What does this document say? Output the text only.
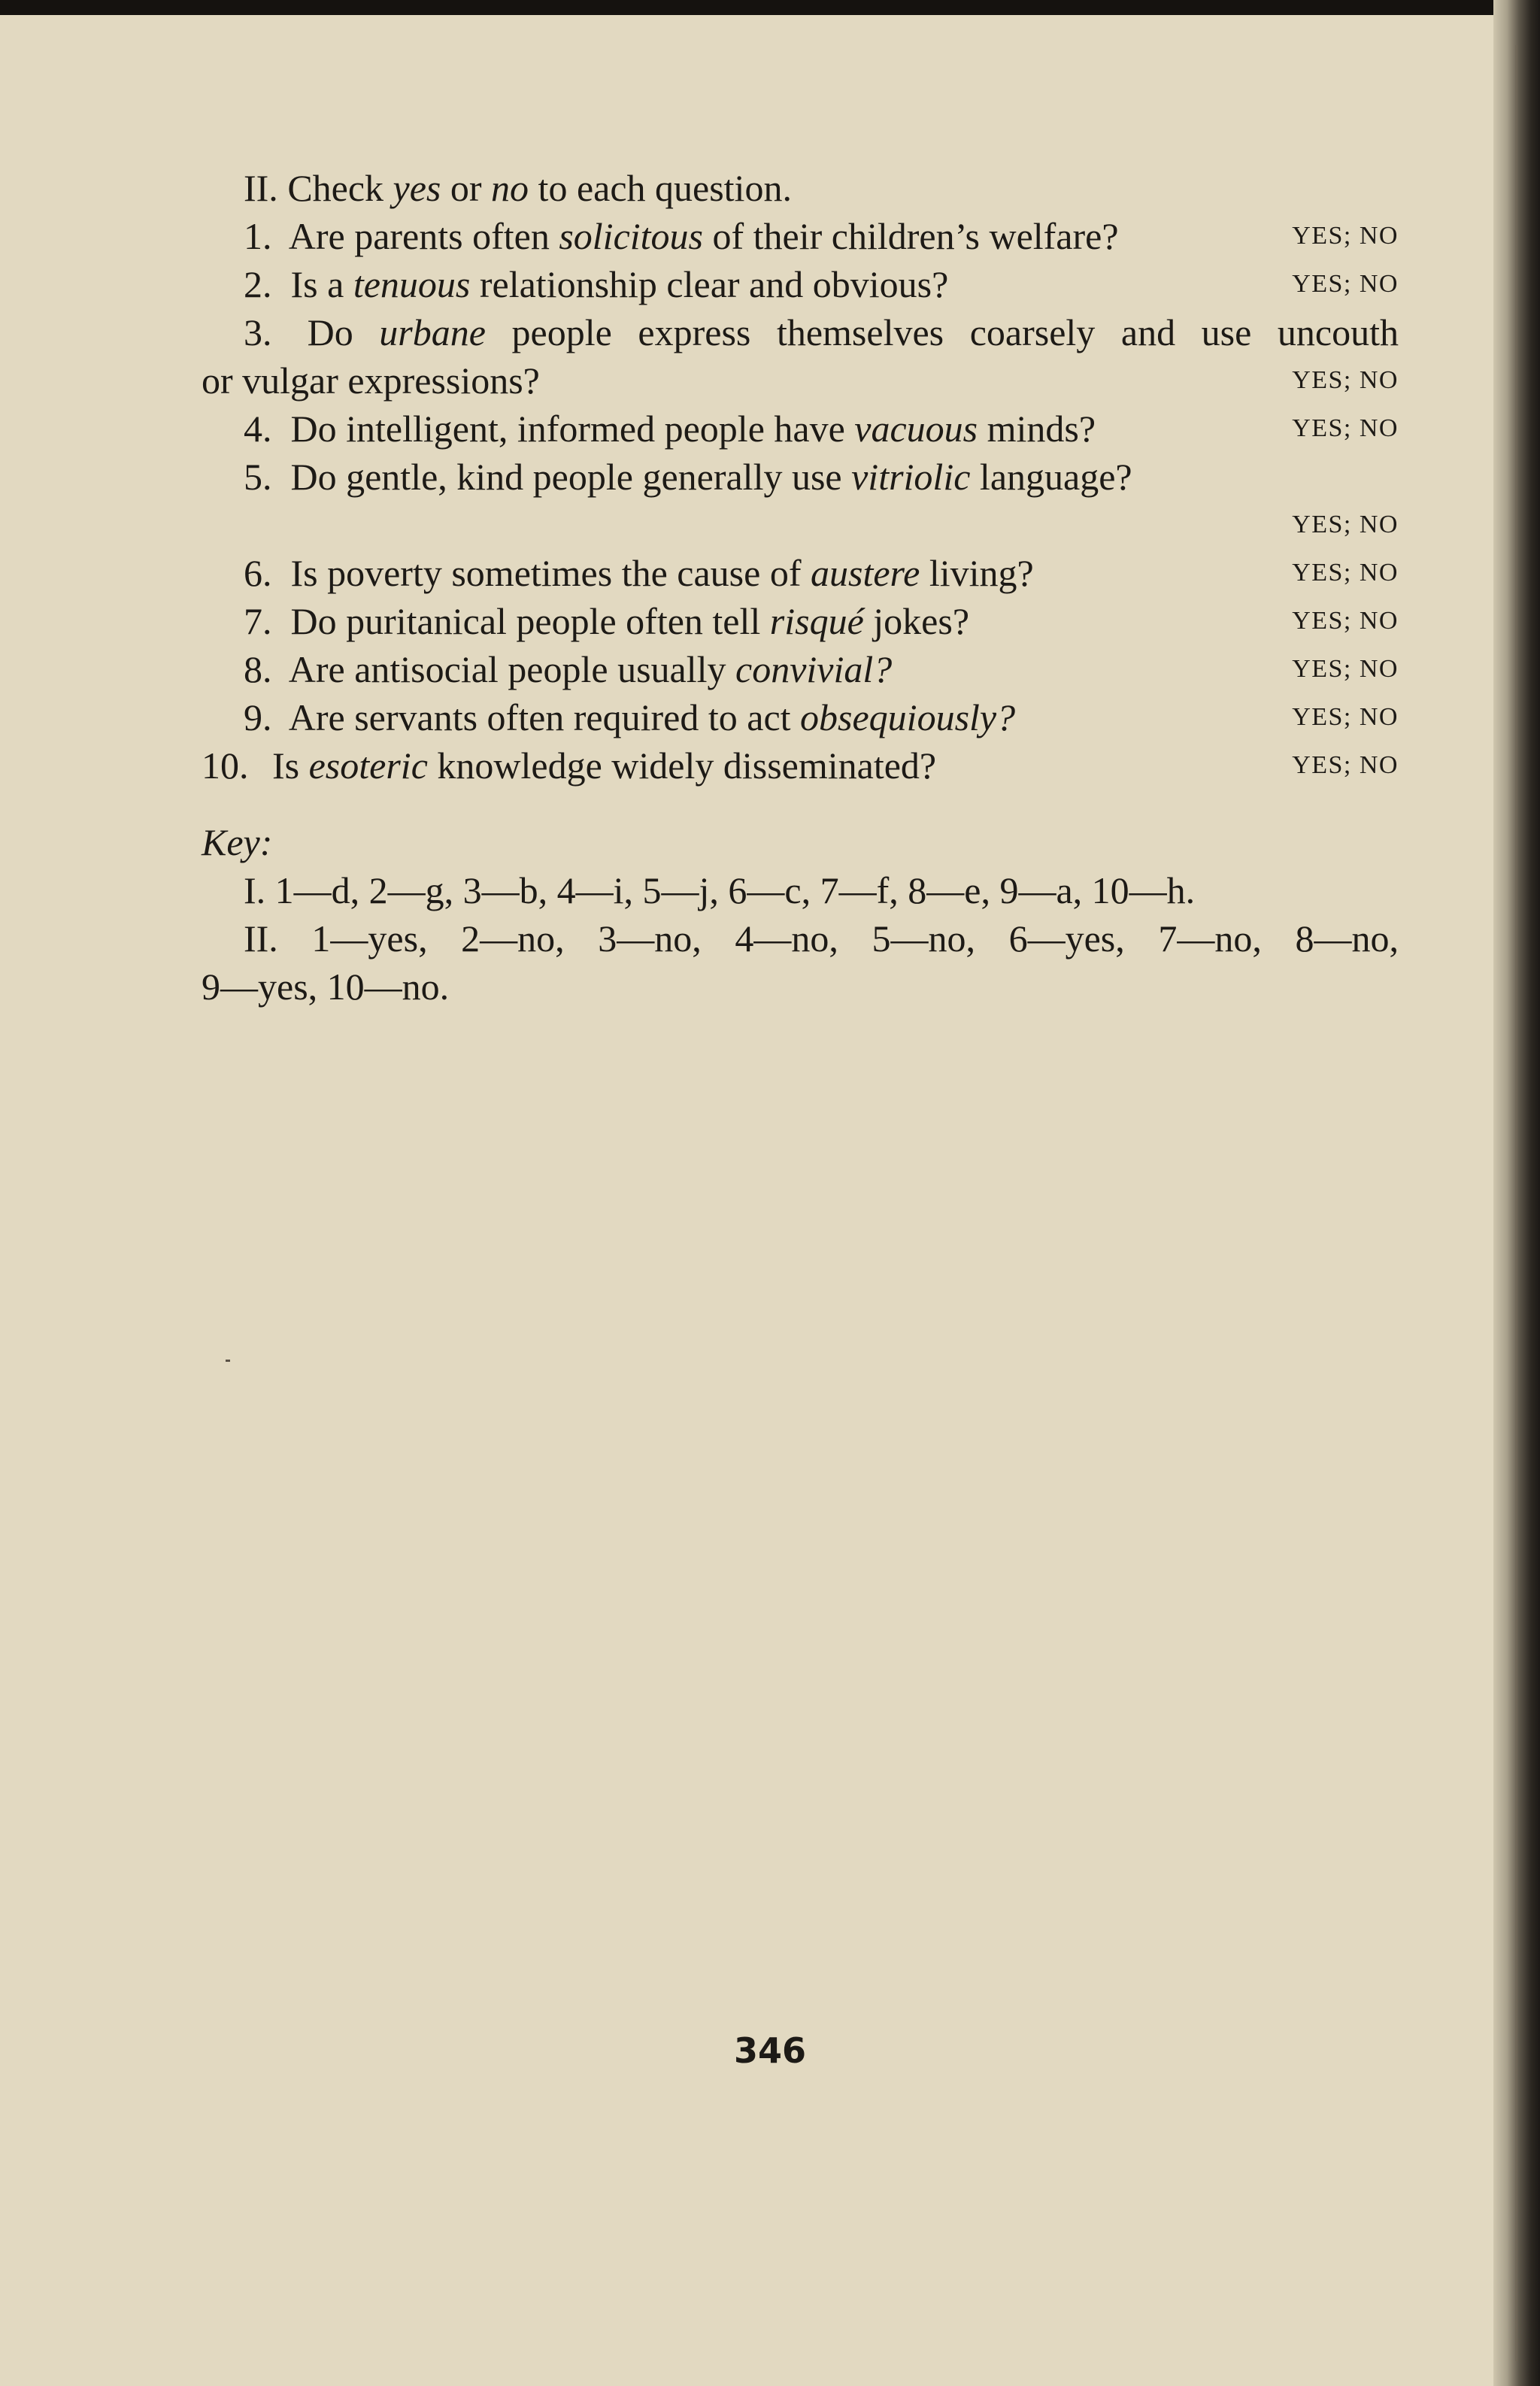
II. Check yes or no to each question.
1. Are parents often solicitous of their children’s welfare?	YES; NO
2. Is a tenuous relationship clear and obvious?	YES; NO
3. Do urbane people express themselves coarsely and use uncouth
or vulgar expressions?	YES; NO
4. Do intelligent, informed people have vacuous minds?	YES; NO
5. Do gentle, kind people generally use vitriolic language?
YES; NO
6. Is poverty sometimes the cause of austere living?	YES; NO
7. Do puritanical people often tell risqué jokes?	YES; NO
8. Are antisocial people usually convivial?	YES; NO
9. Are servants often required to act obsequiously?	YES; NO
10. Is esoteric knowledge widely disseminated?	YES; NO
Key:
I. 1—d, 2—g, 3—b, 4—i, 5—j, 6—c, 7—f, 8—e, 9—a, 10—h.
II. 1—yes, 2—no, 3—no, 4—no, 5—no, 6—yes, 7—no, 8—no,
9—yes, 10—no.
346
